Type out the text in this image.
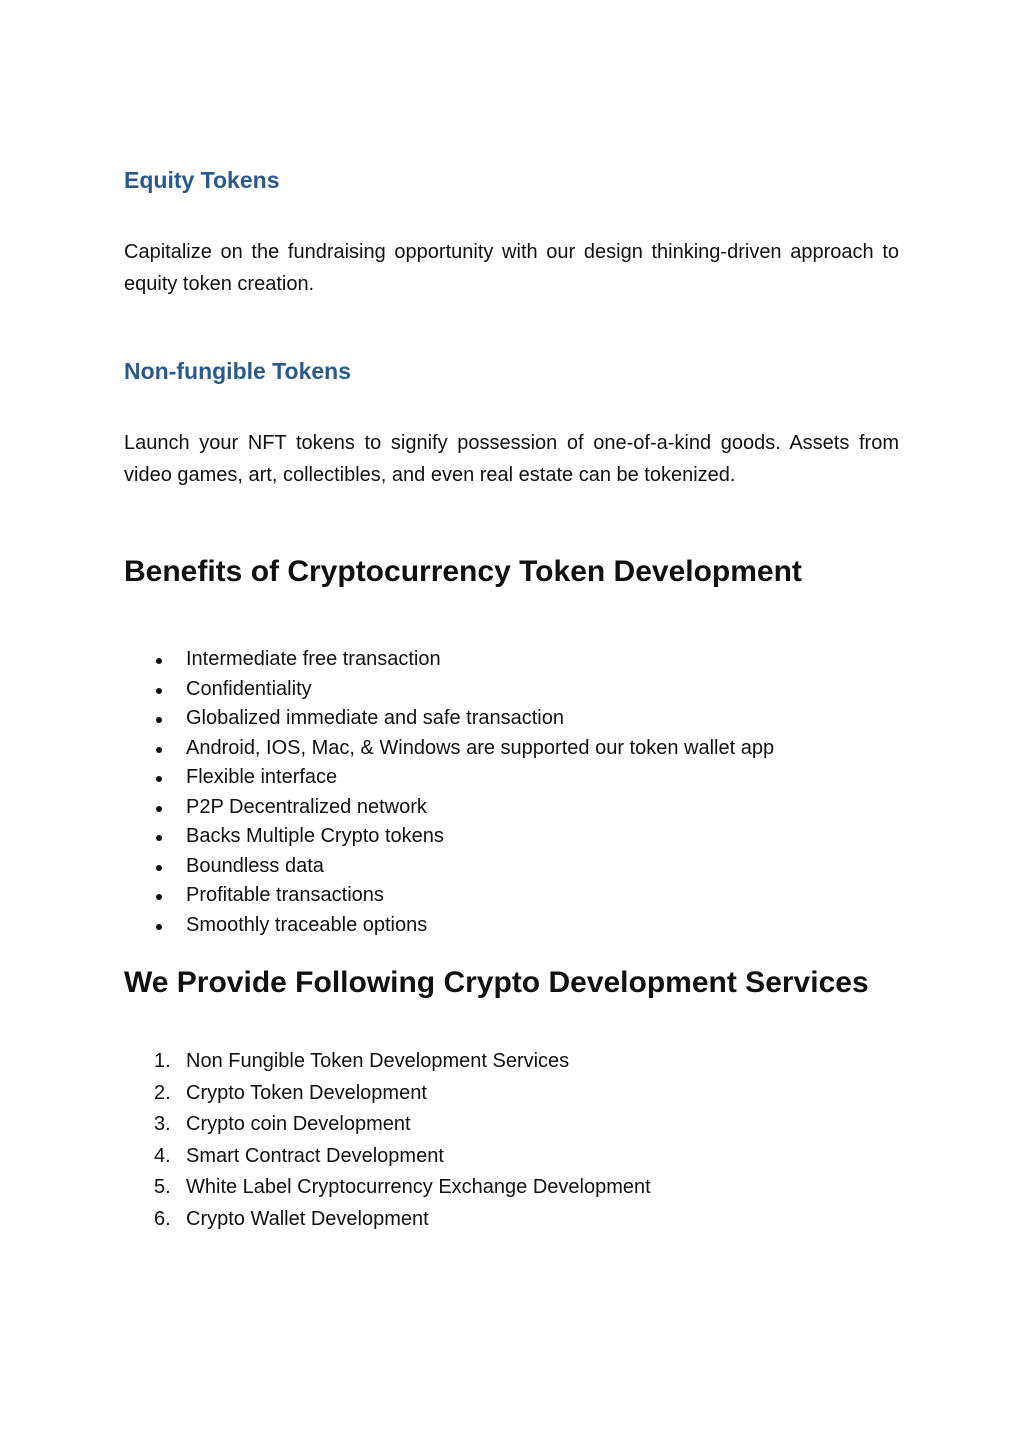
Equity Tokens

Capitalize on the fundraising opportunity with our design thinking-driven approach to equity token creation.

Non-fungible Tokens

Launch your NFT tokens to signify possession of one-of-a-kind goods. Assets from video games, art, collectibles, and even real estate can be tokenized.

Benefits of Cryptocurrency Token Development
Intermediate free transaction
Confidentiality
Globalized immediate and safe transaction
Android, IOS, Mac, & Windows are supported our token wallet app
Flexible interface
P2P Decentralized network
Backs Multiple Crypto tokens
Boundless data
Profitable transactions
Smoothly traceable options
We Provide Following Crypto Development Services
1. Non Fungible Token Development Services
2. Crypto Token Development
3. Crypto coin Development
4. Smart Contract Development
5. White Label Cryptocurrency Exchange Development
6. Crypto Wallet Development
